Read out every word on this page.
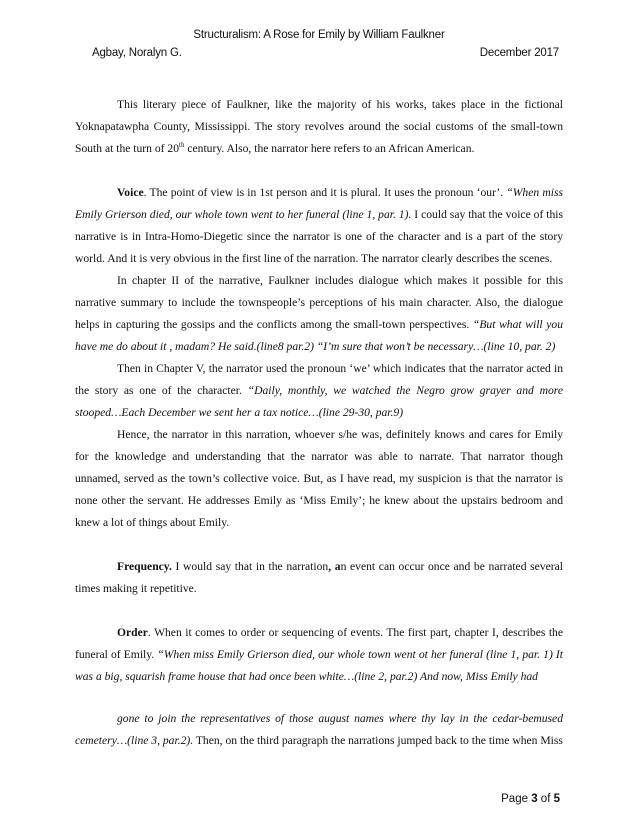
Structuralism: A Rose for Emily by William Faulkner
Agbay, Noralyn G.	December 2017

This literary piece of Faulkner, like the majority of his works, takes place in the fictional Yoknapatawpha County, Mississippi. The story revolves around the social customs of the small-town South at the turn of 20th century. Also, the narrator here refers to an African American.

Voice. The point of view is in 1st person and it is plural. It uses the pronoun ‘our’. “When miss Emily Grierson died, our whole town went to her funeral (line 1, par. 1). I could say that the voice of this narrative is in Intra-Homo-Diegetic since the narrator is one of the character and is a part of the story world. And it is very obvious in the first line of the narration. The narrator clearly describes the scenes.

In chapter II of the narrative, Faulkner includes dialogue which makes it possible for this narrative summary to include the townspeople’s perceptions of his main character. Also, the dialogue helps in capturing the gossips and the conflicts among the small-town perspectives. “But what will you have me do about it , madam? He said.(line8 par.2) “I’m sure that won’t be necessary…(line 10, par. 2)

Then in Chapter V, the narrator used the pronoun ‘we’ which indicates that the narrator acted in the story as one of the character. “Daily, monthly, we watched the Negro grow grayer and more stooped…Each December we sent her a tax notice…(line 29-30, par.9)

Hence, the narrator in this narration, whoever s/he was, definitely knows and cares for Emily for the knowledge and understanding that the narrator was able to narrate. That narrator though unnamed, served as the town’s collective voice. But, as I have read, my suspicion is that the narrator is none other the servant. He addresses Emily as ‘Miss Emily’; he knew about the upstairs bedroom and knew a lot of things about Emily.

Frequency. I would say that in the narration, an event can occur once and be narrated several times making it repetitive.

Order. When it comes to order or sequencing of events. The first part, chapter I, describes the funeral of Emily. “When miss Emily Grierson died, our whole town went ot her funeral (line 1, par. 1) It was a big, squarish frame house that had once been white…(line 2, par.2) And now, Miss Emily had

gone to join the representatives of those august names where thy lay in the cedar-bemused cemetery…(line 3, par.2). Then, on the third paragraph the narrations jumped back to the time when Miss

Page 3 of 5
